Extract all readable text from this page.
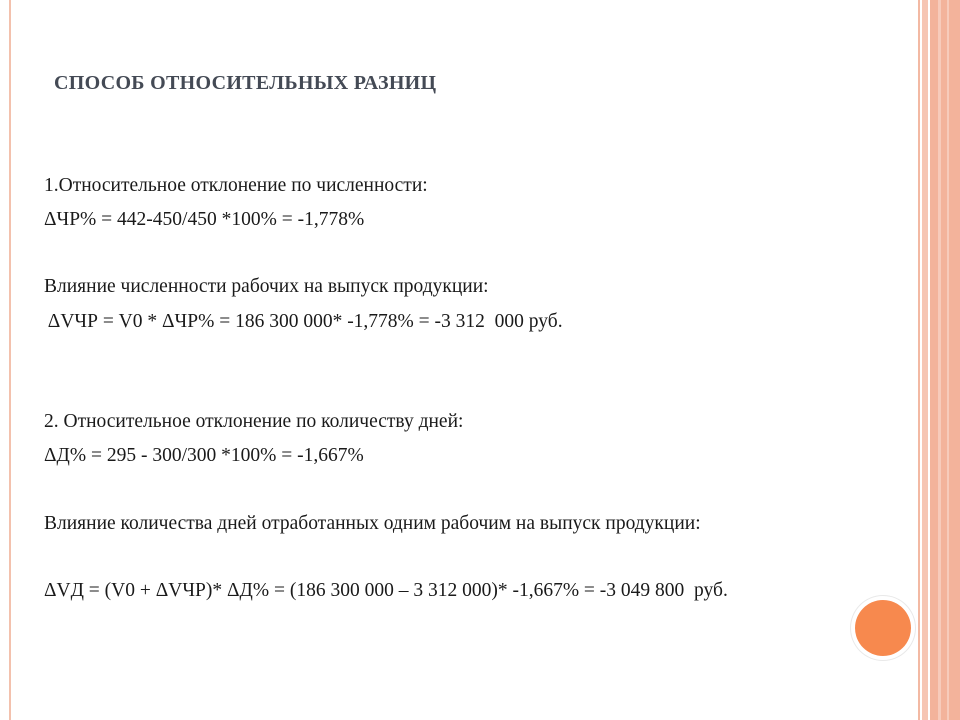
СПОСОБ ОТНОСИТЕЛЬНЫХ РАЗНИЦ
1.Относительное отклонение по численности:
ΔЧР% = 442-450/450 *100% = -1,778%
Влияние численности рабочих на выпуск продукции:
ΔVЧР = V0 * ΔЧР% = 186 300 000* -1,778% = -3 312  000 руб.
2. Относительное отклонение по количеству дней:
ΔД% = 295 - 300/300 *100% = -1,667%
Влияние количества дней отработанных одним рабочим на выпуск продукции:
ΔVД = (V0 + ΔVЧР)* ΔД% = (186 300 000 – 3 312 000)* -1,667% = -3 049 800  руб.
